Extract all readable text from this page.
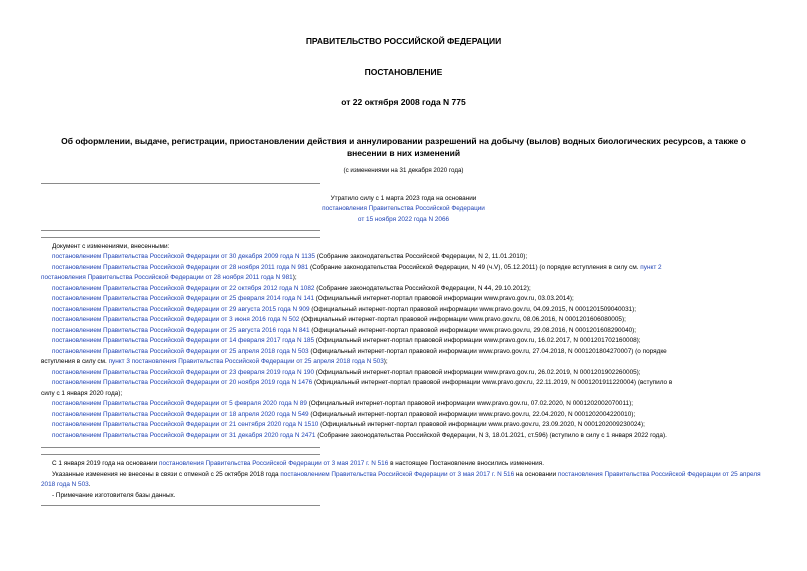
ПРАВИТЕЛЬСТВО РОССИЙСКОЙ ФЕДЕРАЦИИ
ПОСТАНОВЛЕНИЕ
от 22 октября 2008 года N 775
Об оформлении, выдаче, регистрации, приостановлении действия и аннулировании разрешений на добычу (вылов) водных биологических ресурсов, а также о
внесении в них изменений
(с изменениями на 31 декабря 2020 года)
Утратило силу с 1 марта 2023 года на основании
постановления Правительства Российской Федерации
от 15 ноября 2022 года N 2066
Документ с изменениями, внесенными:
постановлением Правительства Российской Федерации от 30 декабря 2009 года N 1135 (Собрание законодательства Российской Федерации, N 2, 11.01.2010);
постановлением Правительства Российской Федерации от 28 ноября 2011 года N 981 (Собрание законодательства Российской Федерации, N 49 (ч.V), 05.12.2011) (о порядке вступления в силу см. пункт 2
постановления Правительства Российской Федерации от 28 ноября 2011 года N 981);
постановлением Правительства Российской Федерации от 22 октября 2012 года N 1082 (Собрание законодательства Российской Федерации, N 44, 29.10.2012);
постановлением Правительства Российской Федерации от 25 февраля 2014 года N 141 (Официальный интернет-портал правовой информации www.pravo.gov.ru, 03.03.2014);
постановлением Правительства Российской Федерации от 29 августа 2015 года N 909 (Официальный интернет-портал правовой информации www.pravo.gov.ru, 04.09.2015, N 0001201509040031);
постановлением Правительства Российской Федерации от 3 июня 2016 года N 502 (Официальный интернет-портал правовой информации www.pravo.gov.ru, 08.06.2016, N 0001201606080005);
постановлением Правительства Российской Федерации от 25 августа 2016 года N 841 (Официальный интернет-портал правовой информации www.pravo.gov.ru, 29.08.2016, N 0001201608290040);
постановлением Правительства Российской Федерации от 14 февраля 2017 года N 185 (Официальный интернет-портал правовой информации www.pravo.gov.ru, 16.02.2017, N 0001201702160008);
постановлением Правительства Российской Федерации от 25 апреля 2018 года N 503 (Официальный интернет-портал правовой информации www.pravo.gov.ru, 27.04.2018, N 0001201804270007) (о порядке
вступления в силу см. пункт 3 постановления Правительства Российской Федерации от 25 апреля 2018 года N 503);
постановлением Правительства Российской Федерации от 23 февраля 2019 года N 190 (Официальный интернет-портал правовой информации www.pravo.gov.ru, 26.02.2019, N 0001201902260005);
постановлением Правительства Российской Федерации от 20 ноября 2019 года N 1476 (Официальный интернет-портал правовой информации www.pravo.gov.ru, 22.11.2019, N 0001201911220004) (вступило в
силу с 1 января 2020 года);
постановлением Правительства Российской Федерации от 5 февраля 2020 года N 89 (Официальный интернет-портал правовой информации www.pravo.gov.ru, 07.02.2020, N 0001202002070011);
постановлением Правительства Российской Федерации от 18 апреля 2020 года N 549 (Официальный интернет-портал правовой информации www.pravo.gov.ru, 22.04.2020, N 0001202004220010);
постановлением Правительства Российской Федерации от 21 сентября 2020 года N 1510 (Официальный интернет-портал правовой информации www.pravo.gov.ru, 23.09.2020, N 0001202009230024);
постановлением Правительства Российской Федерации от 31 декабря 2020 года N 2471 (Собрание законодательства Российской Федерации, N 3, 18.01.2021, ст.596) (вступило в силу с 1 января 2022 года).
С 1 января 2019 года на основании постановления Правительства Российской Федерации от 3 мая 2017 г. N 516 в настоящее Постановление вносились изменения.
Указанные изменения не внесены в связи с отменой с 25 октября 2018 года постановлением Правительства Российской Федерации от 3 мая 2017 г. N 516 на основании постановления Правительства Российской Федерации от 25 апреля 2018 года N 503.
- Примечание изготовителя базы данных.
